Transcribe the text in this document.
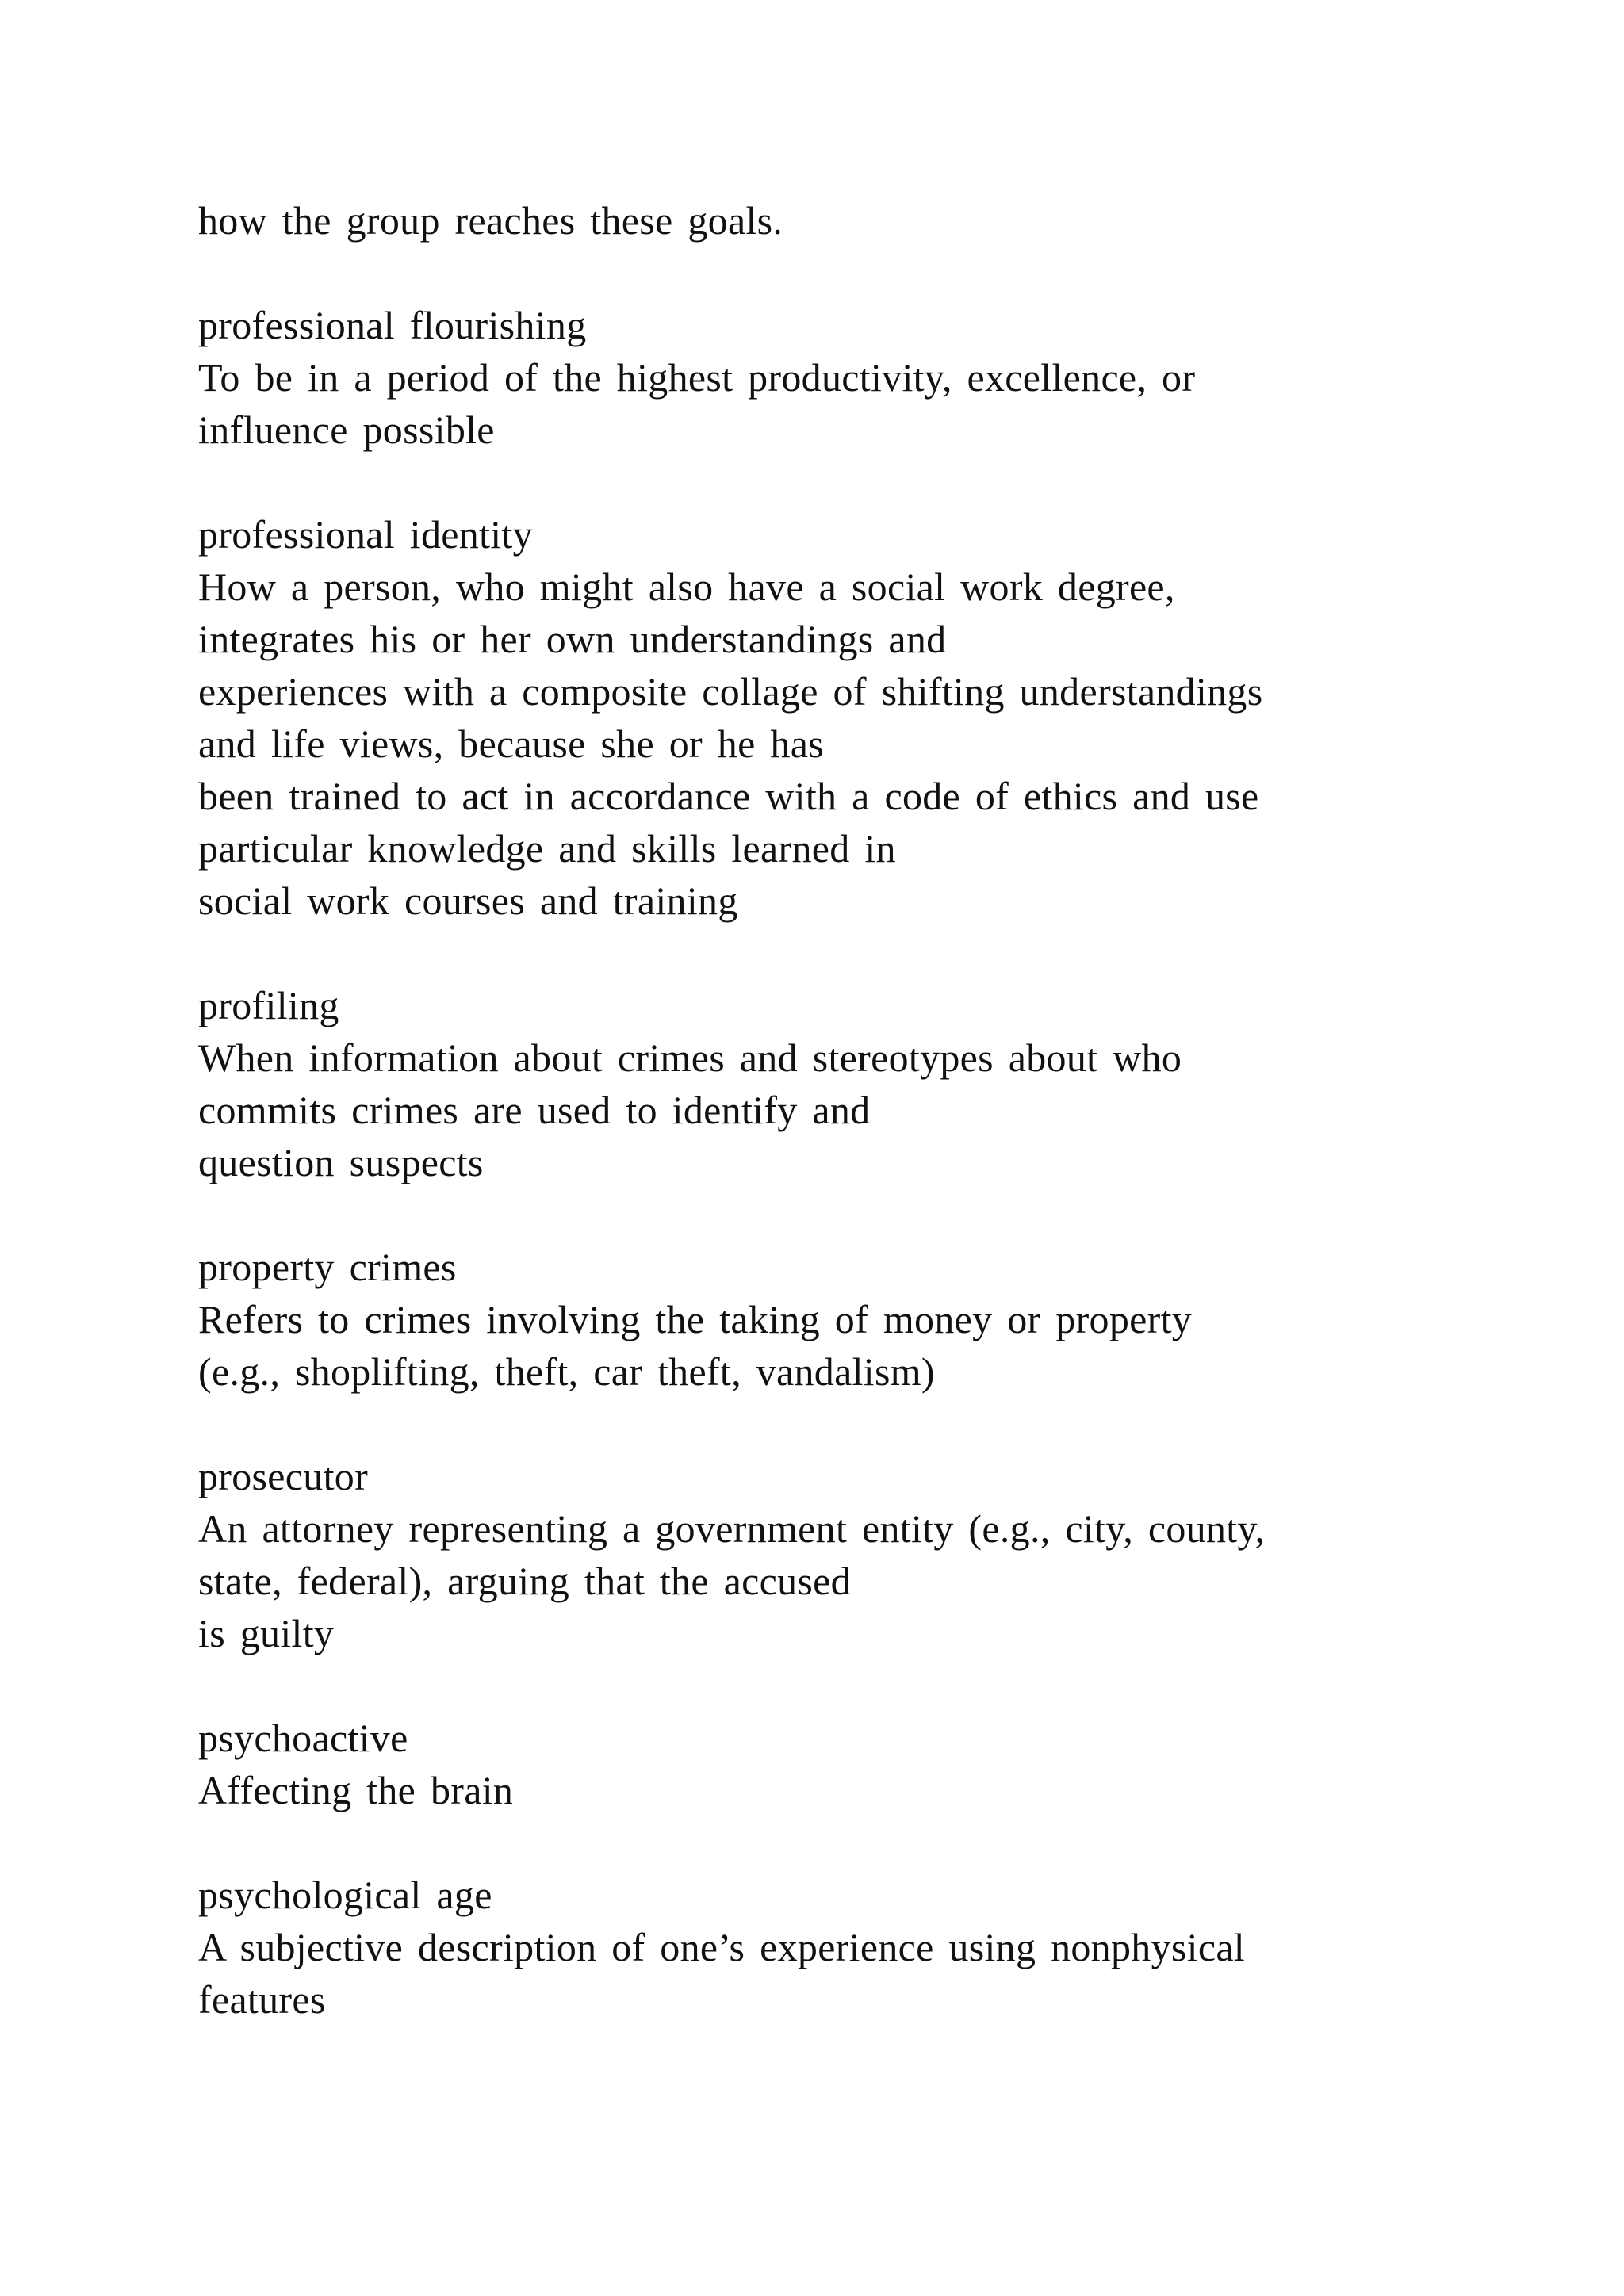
how the group reaches these goals.
professional flourishing
To be in a period of the highest productivity, excellence, or
influence possible
professional identity
How a person, who might also have a social work degree,
integrates his or her own understandings and
experiences with a composite collage of shifting understandings
and life views, because she or he has
been trained to act in accordance with a code of ethics and use
particular knowledge and skills learned in
social work courses and training
profiling
When information about crimes and stereotypes about who
commits crimes are used to identify and
question suspects
property crimes
Refers to crimes involving the taking of money or property
(e.g., shoplifting, theft, car theft, vandalism)
prosecutor
An attorney representing a government entity (e.g., city, county,
state, federal), arguing that the accused
is guilty
psychoactive
Affecting the brain
psychological age
A subjective description of one’s experience using nonphysical
features
